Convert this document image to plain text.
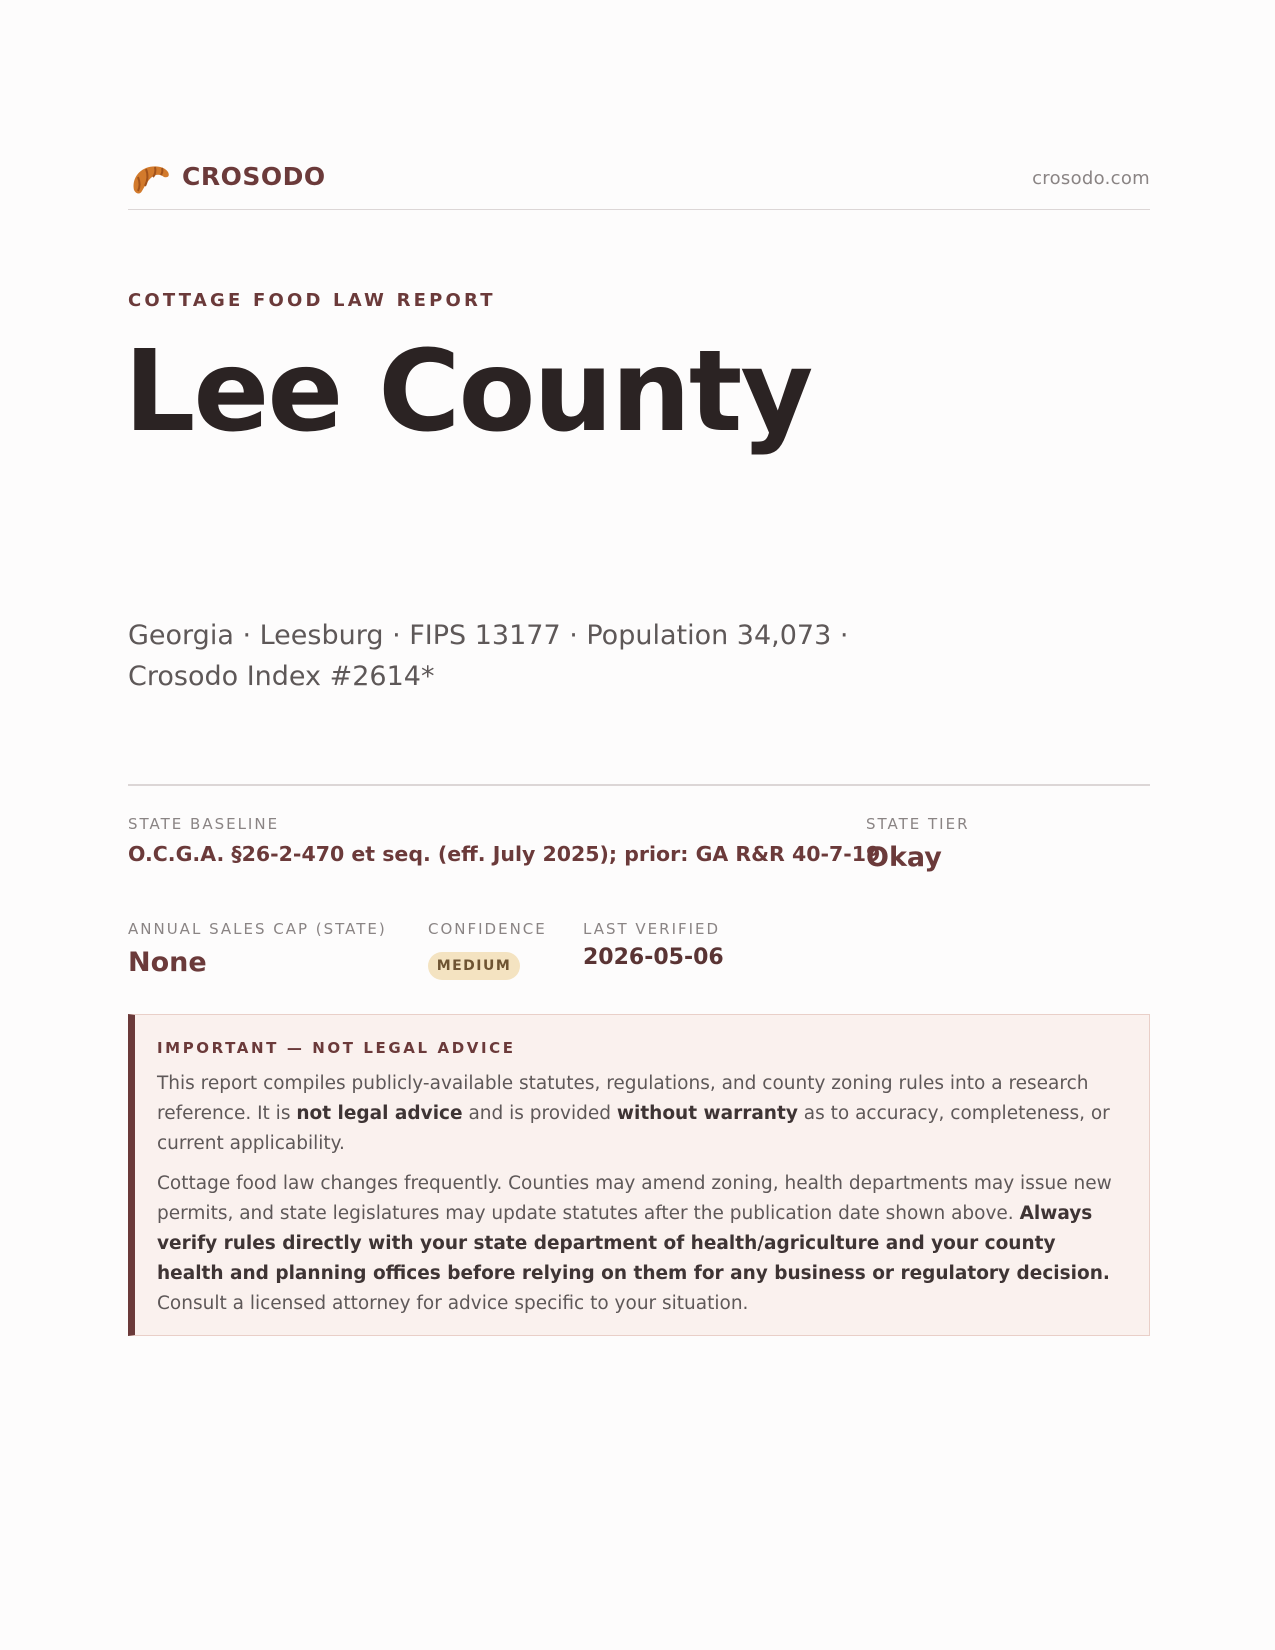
CROSODO	crosodo.com
COTTAGE FOOD LAW REPORT
Lee County
Georgia · Leesburg · FIPS 13177 · Population 34,073 ·
Crosodo Index #2614*
STATE BASELINE
O.C.G.A. §26-2-470 et seq. (eff. July 2025); prior: GA R&R 40-7-19
STATE TIER
Okay
ANNUAL SALES CAP (STATE)
None
CONFIDENCE
MEDIUM
LAST VERIFIED
2026-05-06
IMPORTANT — NOT LEGAL ADVICE

This report compiles publicly-available statutes, regulations, and county zoning rules into a research reference. It is not legal advice and is provided without warranty as to accuracy, completeness, or current applicability.

Cottage food law changes frequently. Counties may amend zoning, health departments may issue new permits, and state legislatures may update statutes after the publication date shown above. Always verify rules directly with your state department of health/agriculture and your county health and planning offices before relying on them for any business or regulatory decision. Consult a licensed attorney for advice specific to your situation.
